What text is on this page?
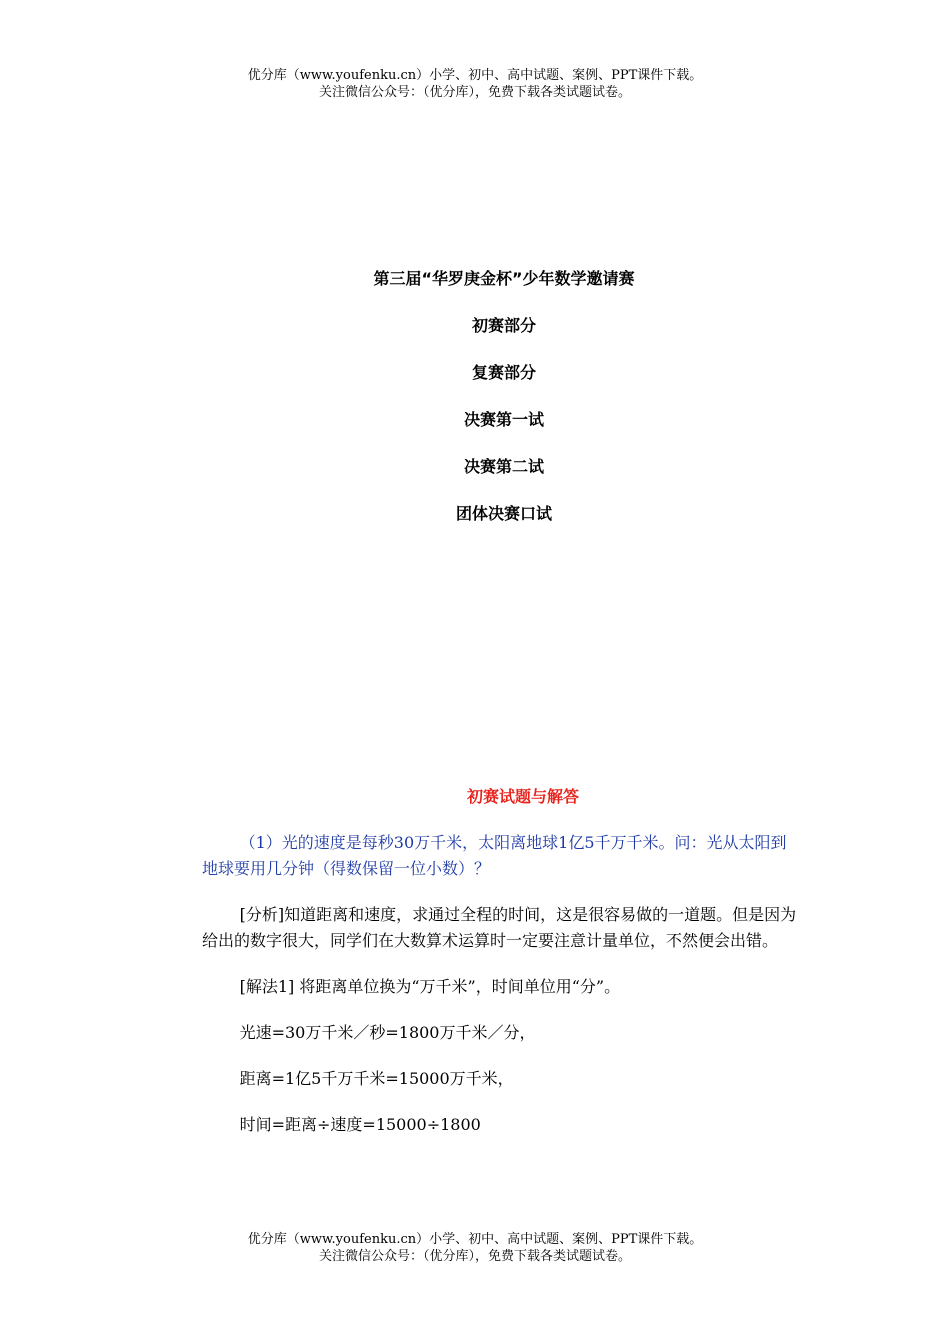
优分库（www.youfenku.cn）小学、初中、高中试题、案例、PPT课件下载。
关注微信公众号：（优分库），免费下载各类试题试卷。
第三届“华罗庚金杯”少年数学邀请赛
初赛部分
复赛部分
决赛第一试
决赛第二试
团体决赛口试
初赛试题与解答

（1）光的速度是每秒30万千米，太阳离地球1亿5千万千米。问：光从太阳到地球要用几分钟（得数保留一位小数）？

[分析]知道距离和速度，求通过全程的时间，这是很容易做的一道题。但是因为给出的数字很大，同学们在大数算术运算时一定要注意计量单位，不然便会出错。

[解法1] 将距离单位换为“万千米”，时间单位用“分”。

光速=30万千米／秒=1800万千米／分，

距离=1亿5千万千米=15000万千米，

时间=距离÷速度=15000÷1800

优分库（www.youfenku.cn）小学、初中、高中试题、案例、PPT课件下载。
关注微信公众号：（优分库），免费下载各类试题试卷。
